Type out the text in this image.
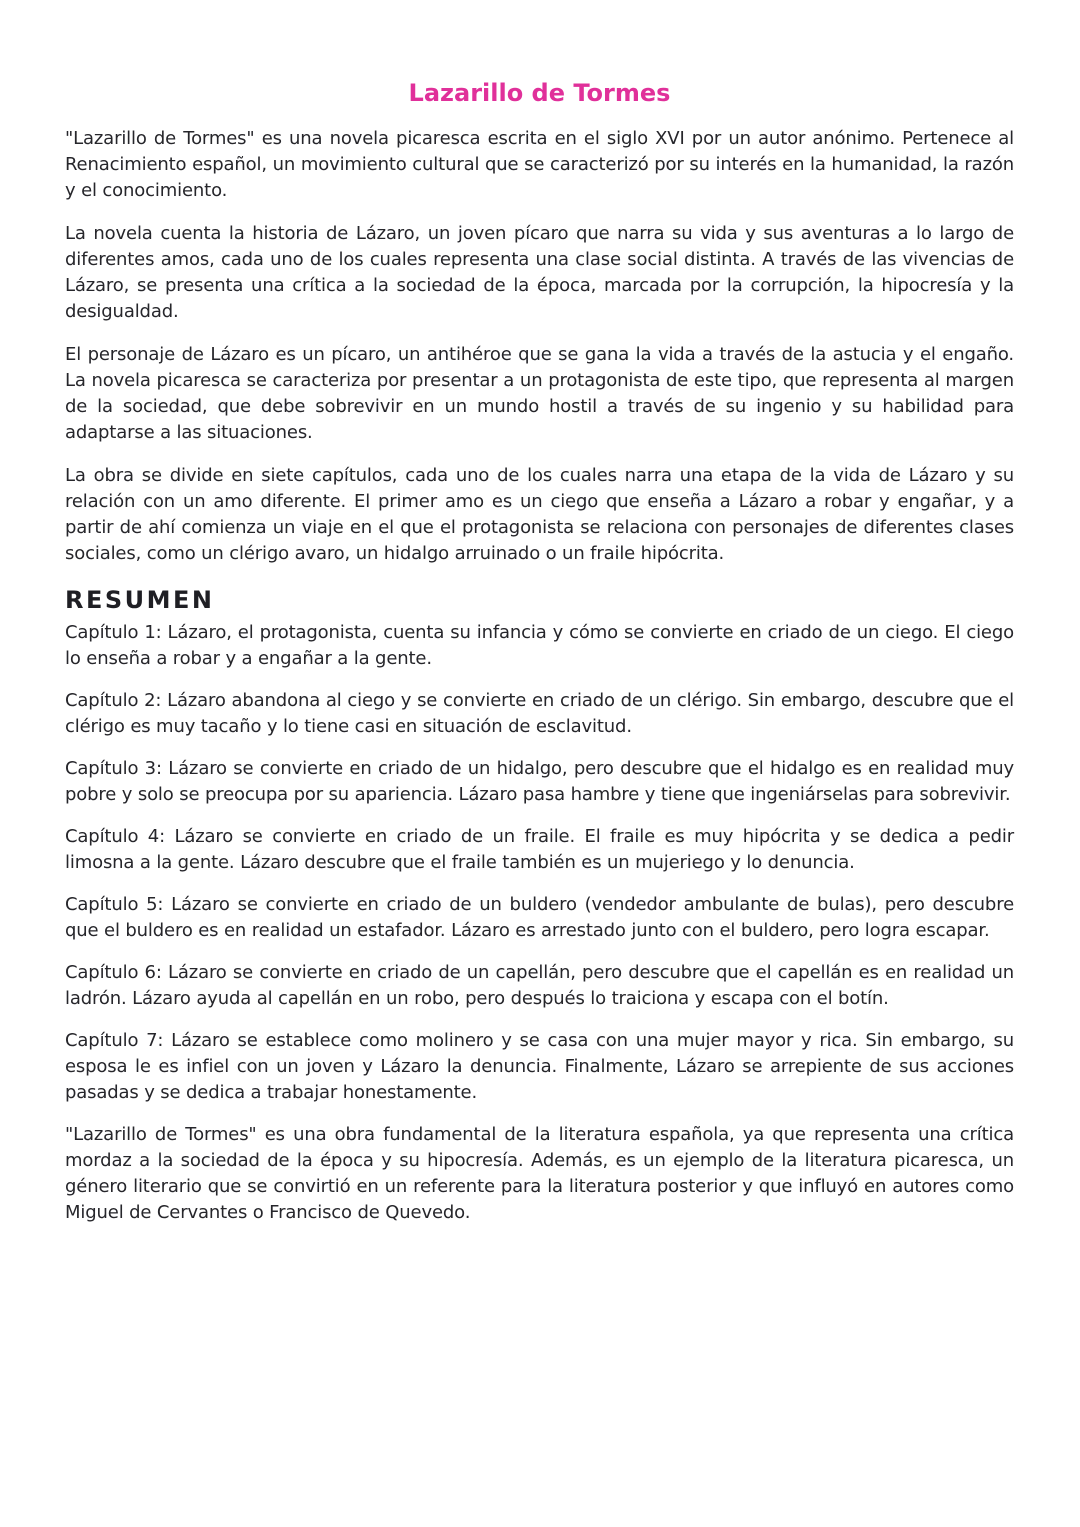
Lazarillo de Tormes

"Lazarillo de Tormes" es una novela picaresca escrita en el siglo XVI por un autor anónimo. Pertenece al Renacimiento español, un movimiento cultural que se caracterizó por su interés en la humanidad, la razón y el conocimiento.

La novela cuenta la historia de Lázaro, un joven pícaro que narra su vida y sus aventuras a lo largo de diferentes amos, cada uno de los cuales representa una clase social distinta. A través de las vivencias de Lázaro, se presenta una crítica a la sociedad de la época, marcada por la corrupción, la hipocresía y la desigualdad.

El personaje de Lázaro es un pícaro, un antihéroe que se gana la vida a través de la astucia y el engaño. La novela picaresca se caracteriza por presentar a un protagonista de este tipo, que representa al margen de la sociedad, que debe sobrevivir en un mundo hostil a través de su ingenio y su habilidad para adaptarse a las situaciones.

La obra se divide en siete capítulos, cada uno de los cuales narra una etapa de la vida de Lázaro y su relación con un amo diferente. El primer amo es un ciego que enseña a Lázaro a robar y engañar, y a partir de ahí comienza un viaje en el que el protagonista se relaciona con personajes de diferentes clases sociales, como un clérigo avaro, un hidalgo arruinado o un fraile hipócrita.

RESUMEN

Capítulo 1: Lázaro, el protagonista, cuenta su infancia y cómo se convierte en criado de un ciego. El ciego lo enseña a robar y a engañar a la gente.

Capítulo 2: Lázaro abandona al ciego y se convierte en criado de un clérigo. Sin embargo, descubre que el clérigo es muy tacaño y lo tiene casi en situación de esclavitud.

Capítulo 3: Lázaro se convierte en criado de un hidalgo, pero descubre que el hidalgo es en realidad muy pobre y solo se preocupa por su apariencia. Lázaro pasa hambre y tiene que ingeniárselas para sobrevivir.

Capítulo 4: Lázaro se convierte en criado de un fraile. El fraile es muy hipócrita y se dedica a pedir limosna a la gente. Lázaro descubre que el fraile también es un mujeriego y lo denuncia.

Capítulo 5: Lázaro se convierte en criado de un buldero (vendedor ambulante de bulas), pero descubre que el buldero es en realidad un estafador. Lázaro es arrestado junto con el buldero, pero logra escapar.

Capítulo 6: Lázaro se convierte en criado de un capellán, pero descubre que el capellán es en realidad un ladrón. Lázaro ayuda al capellán en un robo, pero después lo traiciona y escapa con el botín.

Capítulo 7: Lázaro se establece como molinero y se casa con una mujer mayor y rica. Sin embargo, su esposa le es infiel con un joven y Lázaro la denuncia. Finalmente, Lázaro se arrepiente de sus acciones pasadas y se dedica a trabajar honestamente.

"Lazarillo de Tormes" es una obra fundamental de la literatura española, ya que representa una crítica mordaz a la sociedad de la época y su hipocresía. Además, es un ejemplo de la literatura picaresca, un género literario que se convirtió en un referente para la literatura posterior y que influyó en autores como Miguel de Cervantes o Francisco de Quevedo.
